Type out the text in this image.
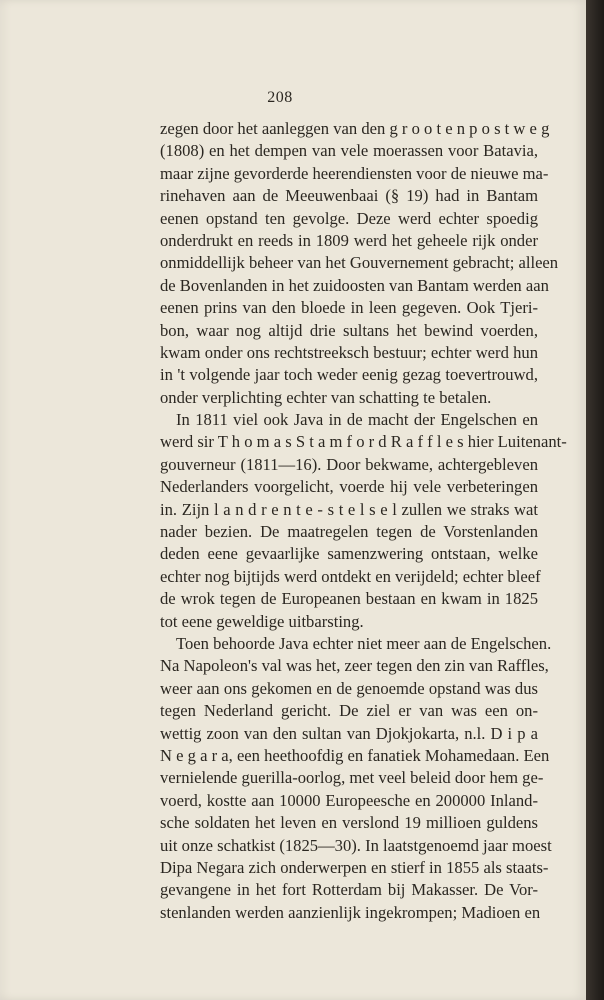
208
zegen door het aanleggen van den g r o o t e n p o s t w e g
(1808) en het dempen van vele moerassen voor Batavia,
maar zijne gevorderde heerendiensten voor de nieuwe ma-
rinehaven aan de Meeuwenbaai (§ 19) had in Bantam
eenen opstand ten gevolge. Deze werd echter spoedig
onderdrukt en reeds in 1809 werd het geheele rijk onder
onmiddellijk beheer van het Gouvernement gebracht; alleen
de Bovenlanden in het zuidoosten van Bantam werden aan
eenen prins van den bloede in leen gegeven. Ook Tjeri-
bon, waar nog altijd drie sultans het bewind voerden,
kwam onder ons rechtstreeksch bestuur; echter werd hun
in 't volgende jaar toch weder eenig gezag toevertrouwd,
onder verplichting echter van schatting te betalen.
In 1811 viel ook Java in de macht der Engelschen en
werd sir T h o m a s S t a m f o r d R a f f l e s hier Luitenant-
gouverneur (1811—16). Door bekwame, achtergebleven
Nederlanders voorgelicht, voerde hij vele verbeteringen
in. Zijn l a n d r e n t e - s t e l s e l zullen we straks wat
nader bezien. De maatregelen tegen de Vorstenlanden
deden eene gevaarlijke samenzwering ontstaan, welke
echter nog bijtijds werd ontdekt en verijdeld; echter bleef
de wrok tegen de Europeanen bestaan en kwam in 1825
tot eene geweldige uitbarsting.
Toen behoorde Java echter niet meer aan de Engelschen.
Na Napoleon's val was het, zeer tegen den zin van Raffles,
weer aan ons gekomen en de genoemde opstand was dus
tegen Nederland gericht. De ziel er van was een on-
wettig zoon van den sultan van Djokjokarta, n.l. D i p a
N e g a r a, een heethoofdig en fanatiek Mohamedaan. Een
vernielende guerilla-oorlog, met veel beleid door hem ge-
voerd, kostte aan 10000 Europeesche en 200000 Inland-
sche soldaten het leven en verslond 19 millioen guldens
uit onze schatkist (1825—30). In laatstgenoemd jaar moest
Dipa Negara zich onderwerpen en stierf in 1855 als staats-
gevangene in het fort Rotterdam bij Makasser. De Vor-
stenlanden werden aanzienlijk ingekrompen; Madioen en
